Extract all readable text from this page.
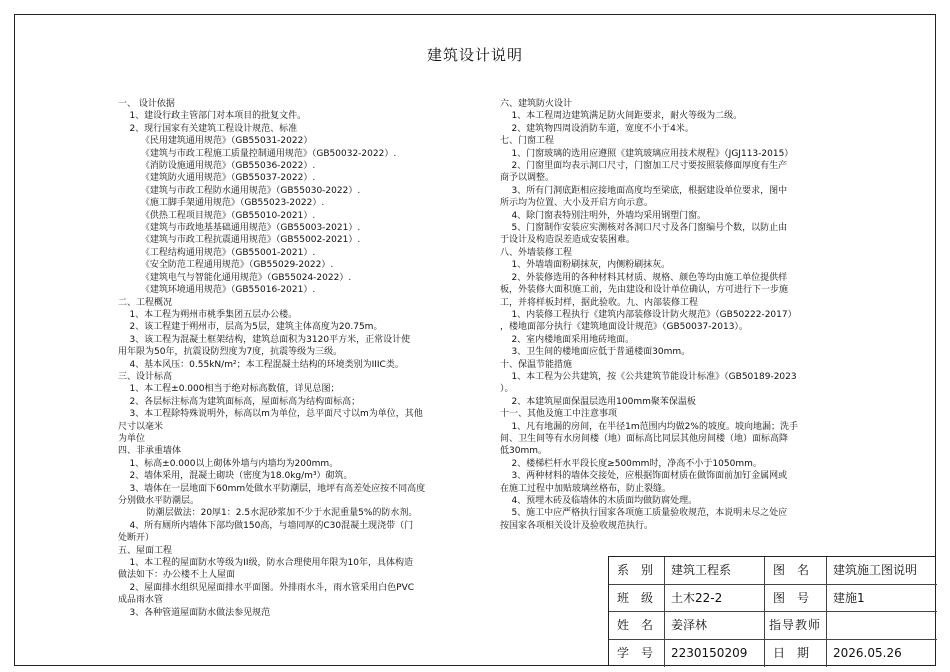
建筑设计说明
一、 设计依据
1、建设行政主管部门对本项目的批复文件。
2、现行国家有关建筑工程设计规范、标准
《民用建筑通用规范》（GB55031-2022）
《建筑与市政工程施工质量控制通用规范》（GB50032-2022）.
《消防设施通用规范》（GB55036-2022）.
《建筑防火通用规范》（GB55037-2022）.
《建筑与市政工程防水通用规范》（GB55030-2022）.
《施工脚手架通用规范》（GB55023-2022）.
《供热工程项目规范》（GB55010-2021）.
《建筑与市政地基基础通用规范》（GB55003-2021）.
《建筑与市政工程抗震通用规范》（GB55002-2021）.
《工程结构通用规范》（GB55001-2021）.
《安全防范工程通用规范》（GB55029-2022）.
《建筑电气与智能化通用规范》（GB55024-2022）.
《建筑环境通用规范》（GB55016-2021）.
二、工程概况
1、本工程为朔州市桃季集团五层办公楼。
2、该工程建于朔州市，层高为5层，建筑主体高度为20.75m。
3、该工程为混凝土框架结构，建筑总面积为3120平方米，正常设计使
用年限为50年，抗震设防烈度为7度，抗震等级为三级。
4、基本风压：0.55kN/m²；本工程混凝土结构的环境类别为IIIC类。
三、设计标高
1、本工程±0.000相当于绝对标高数值，详见总图；
2、各层标注标高为建筑面标高，屋面标高为结构面标高；
3、本工程除特殊说明外，标高以m为单位，总平面尺寸以m为单位，其他
尺寸以毫米
为单位
四、非承重墙体
1、标高±0.000以上砌体外墙与内墙均为200mm。
2、墙体采用，混凝土砌块（密度为18.0kg/m³）砌筑。
3、墙体在一层地面下60mm处做水平防潮层，地坪有高差处应按不同高度
分别做水平防潮层。
防潮层做法：20厚1：2.5水泥砂浆加不少于水泥重量5%的防水剂。
4、所有厕所内墙体下部均做150高，与墙同厚的C30混凝土现浇带（门
处断开）
五、屋面工程
1、本工程的屋面防水等级为II级，防水合理使用年限为10年，具体构造
做法如下：办公楼不上人屋面
2、屋面排水组织见屋面排水平面图。外排雨水斗，雨水管采用白色PVC
成品雨水管
3、各种管道屋面防水做法参见规范
六、建筑防火设计
1、本工程周边建筑满足防火间距要求，耐火等级为二级。
2、建筑物四周设消防车道，宽度不小于4米。
七、门窗工程
1、门窗玻璃的选用应遵照《建筑玻璃应用技术规程》（JGJ113-2015）
2、门窗里面均表示洞口尺寸，门窗加工尺寸要按照装修面厚度有生产
商予以调整。
3、所有门洞底距相应接地面高度均至梁底，根据建设单位要求，图中
所示均为位置、大小及开启方向示意。
4、除门窗表特别注明外，外墙均采用钢塑门窗。
5、门窗制作安装应实测核对各洞口尺寸及各门窗编号个数，以防止由
于设计及构造误差造成安装困难。
八、外墙装修工程
1、外墙墙面粉刷抹灰，内侧粉刷抹灰。
2、外装修选用的各种材料其材质、规格、颜色等均由施工单位提供样
板，外装修大面积施工前，先由建设和设计单位确认，方可进行下一步施
工，并将样板封样，据此验收。九、内部装修工程
1、内装修工程执行《建筑内部装修设计防火规范》（GB50222-2017）
，楼地面部分执行《建筑地面设计规范》（GB50037-2013）。
2、室内楼地面采用地砖地面。
3、卫生间的楼地面应低于普通楼面30mm。
十、保温节能措施
1、本工程为公共建筑，按《公共建筑节能设计标准》（GB50189-2023
）。
2、本建筑屋面保温层选用100mm聚苯保温板
十一、其他及施工中注意事项
1、凡有地漏的房间，在半径1m范围内均做2%的坡度。坡向地漏；洗手
间、卫生间等有水房间楼（地）面标高比同层其他房间楼（地）面标高降
低30mm。
2、楼梯栏杆水平段长度≥500mm时，净高不小于1050mm。
3、两种材料的墙体交接处，应根据饰面材质在做饰面前加钉金属网或
在施工过程中加贴玻璃丝格布，防止裂缝。
4、预埋木砖及临墙体的木质面均做防腐处理。
5、施工中应严格执行国家各项施工质量验收规范，本说明未尽之处应
按国家各项相关设计及验收规范执行。
系别 建筑工程系	图名 建筑施工图说明
班级 土木22-2	图号 建施1
姓名 姜泽林	指导教师
学号 2230150209	日期 2026.05.26
